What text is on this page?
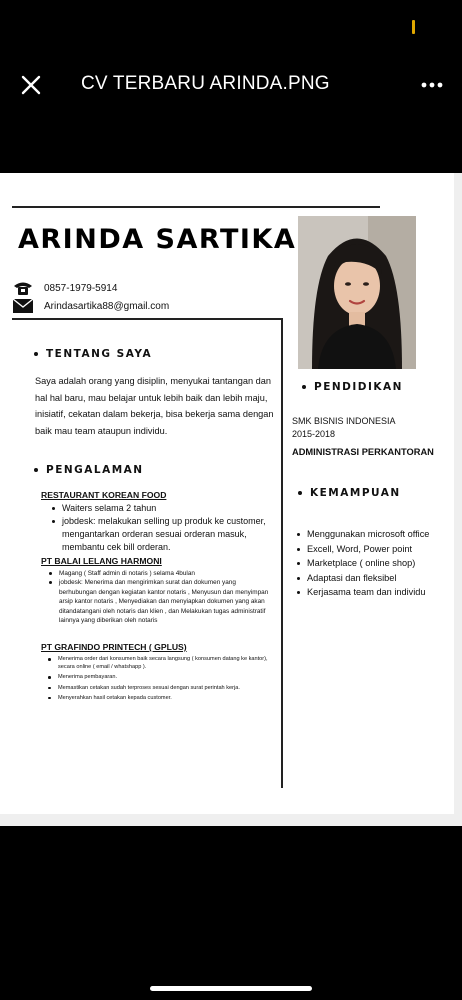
CV TERBARU ARINDA.PNG
ARINDA SARTIKA
0857-1979-5914
Arindasartika88@gmail.com
TENTANG SAYA
Saya adalah orang yang disiplin, menyukai tantangan dan hal hal baru, mau belajar untuk lebih baik dan lebih maju, inisiatif, cekatan dalam bekerja, bisa bekerja sama dengan baik mau team ataupun individu.
PENGALAMAN
RESTAURANT KOREAN FOOD
Waiters selama 2 tahun
jobdesk: melakukan selling up produk ke customer, mengantarkan orderan sesuai orderan masuk, membantu cek bill orderan.
PT BALAI LELANG HARMONI
Magang ( Staff admin di notaris ) selama 4bulan
jobdesk: Menerima dan mengirimkan surat dan dokumen yang berhubungan dengan kegiatan kantor notaris , Menyusun dan menyimpan arsip kantor notaris , Menyediakan dan menyiapkan dokumen yang akan ditandatangani oleh notaris dan klien , dan Melakukan tugas administratif lainnya yang diberikan oleh notaris
PT GRAFINDO PRINTECH ( GPLUS)
Menerima order dari konsumen baik secara langsung ( konsumen datang ke kantor), secara online ( email / whatshapp ).
Menerima pembayaran.
Memastikan cetakan sudah terproses sesuai dengan surat perintah kerja.
Menyerahkan hasil cetakan kepada customer.
PENDIDIKAN
SMK BISNIS INDONESIA
2015-2018
ADMINISTRASI PERKANTORAN
KEMAMPUAN
Menggunakan microsoft office
Excell, Word, Power point
Marketplace ( online shop)
Adaptasi dan fleksibel
Kerjasama team dan individu
